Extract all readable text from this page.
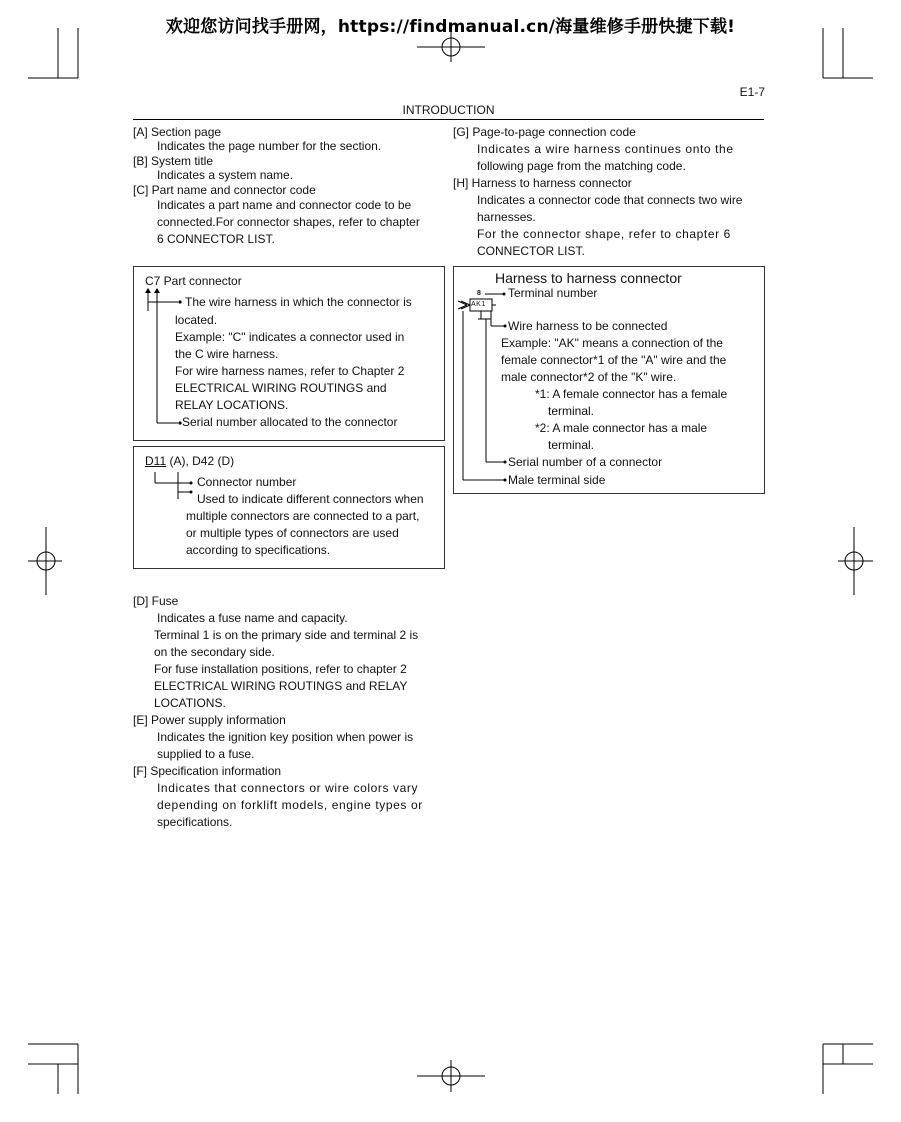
欢迎您访问找手册网，https://findmanual.cn/海量维修手册快捷下载!
E1-7
INTRODUCTION

[A] Section page

Indicates the page number for the section.

[B] System title

Indicates a system name.

[C] Part name and connector code

Indicates a part name and connector code to be

connected.For connector shapes, refer to chapter

6 CONNECTOR LIST.

C7 Part connector
The wire harness in which the connector is
located.
Example: "C" indicates a connector used in
the C wire harness.
For wire harness names, refer to Chapter 2
ELECTRICAL WIRING ROUTINGS and
RELAY LOCATIONS.
Serial number allocated to the connector
D11 (A), D42 (D)
Connector number
Used to indicate different connectors when
multiple connectors are connected to a part,
or multiple types of connectors are used
according to specifications.

[D] Fuse

Indicates a fuse name and capacity.

Terminal 1 is on the primary side and terminal 2 is

on the secondary side.

For fuse installation positions, refer to chapter 2

ELECTRICAL WIRING ROUTINGS and RELAY

LOCATIONS.

[E] Power supply information

Indicates the ignition key position when power is

supplied to a fuse.

[F] Specification information

Indicates that connectors or wire colors vary

depending on forklift models, engine types or

specifications.

[G] Page-to-page connection code

Indicates a wire harness continues onto the

following page from the matching code.

[H] Harness to harness connector

Indicates a connector code that connects two wire

harnesses.

For the connector shape, refer to chapter 6

CONNECTOR LIST.

Harness to harness connector
8
AK1
Terminal number
Wire harness to be connected
Example: "AK" means a connection of the
female connector*1 of the "A" wire and the
male connector*2 of the "K" wire.
*1: A female connector has a female
terminal.
*2: A male connector has a male
terminal.
Serial number of a connector
Male terminal side
